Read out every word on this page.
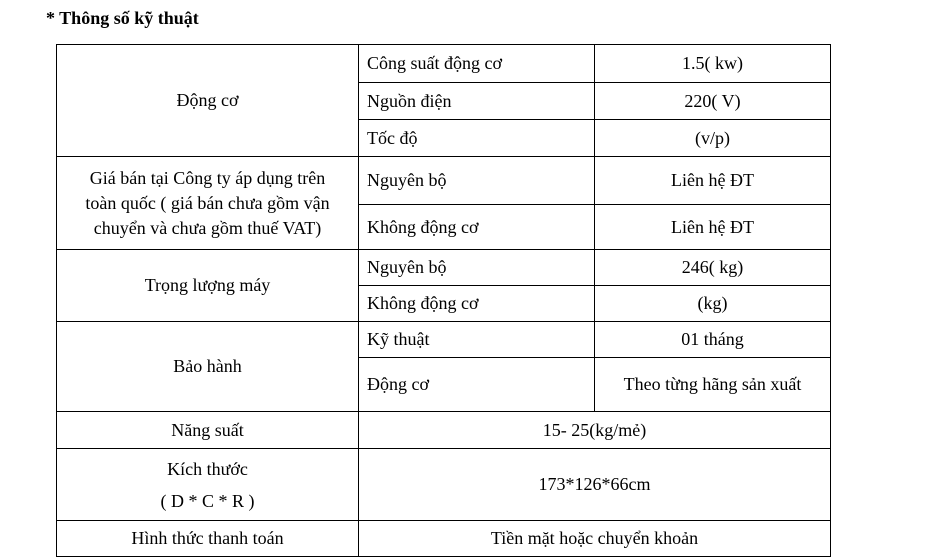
* Thông số kỹ thuật
Động cơ	Công suất động cơ	1.5( kw)
	Nguồn điện	220( V)
	Tốc độ	(v/p)

Giá bán tại Công ty áp dụng trên
toàn quốc ( giá bán chưa gồm vận
chuyển và chưa gồm thuế VAT)	Nguyên bộ	Liên hệ ĐT
	Không động cơ	Liên hệ ĐT
Trọng lượng máy	Nguyên bộ	246( kg)
	Không động cơ	(kg)
Bảo hành	Kỹ thuật	01 tháng
	Động cơ	Theo từng hãng sản xuất
Năng suất	15- 25(kg/mẻ)	

Kích thước
( D * C * R )	173*126*66cm	
Hình thức thanh toán	Tiền mặt hoặc chuyển khoản	
